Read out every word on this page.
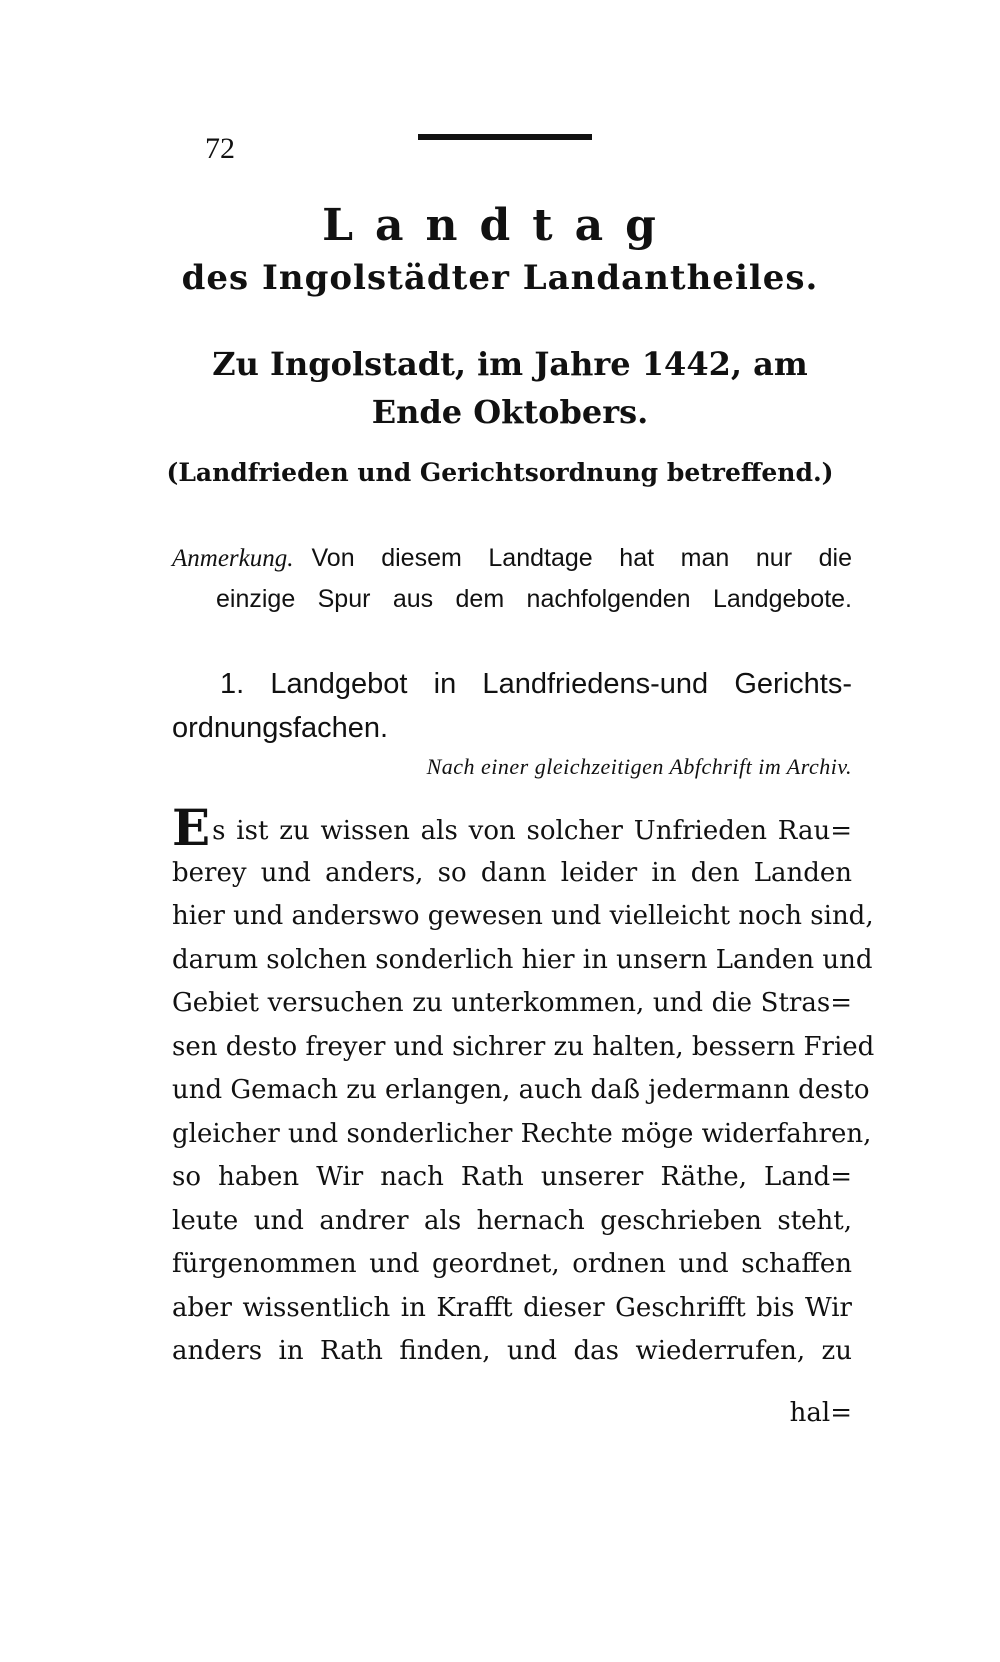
72
Landtag
des Ingolstädter Landantheiles.
Zu Ingolstadt, im Jahre 1442, am Ende Oktobers.
(Landfrieden und Gerichtsordnung betreffend.)
Anmerkung. Von diesem Landtage hat man nur die
einzige Spur aus dem nachfolgenden Landgebote.
1. Landgebot in Landfriedens-und Gerichts-
ordnungsfachen.
Nach einer gleichzeitigen Abfchrift im Archiv.
Es ist zu wissen als von solcher Unfrieden Rau=
berey und anders, so dann leider in den Landen
hier und anderswo gewesen und vielleicht noch sind,
darum solchen sonderlich hier in unsern Landen und
Gebiet versuchen zu unterkommen, und die Stras=
sen desto freyer und sichrer zu halten, bessern Fried
und Gemach zu erlangen, auch daß jedermann desto
gleicher und sonderlicher Rechte möge widerfahren,
so haben Wir nach Rath unserer Räthe, Land=
leute und andrer als hernach geschrieben steht,
fürgenommen und geordnet, ordnen und schaffen
aber wissentlich in Krafft dieser Geschrifft bis Wir
anders in Rath finden, und das wiederrufen, zu
hal=
